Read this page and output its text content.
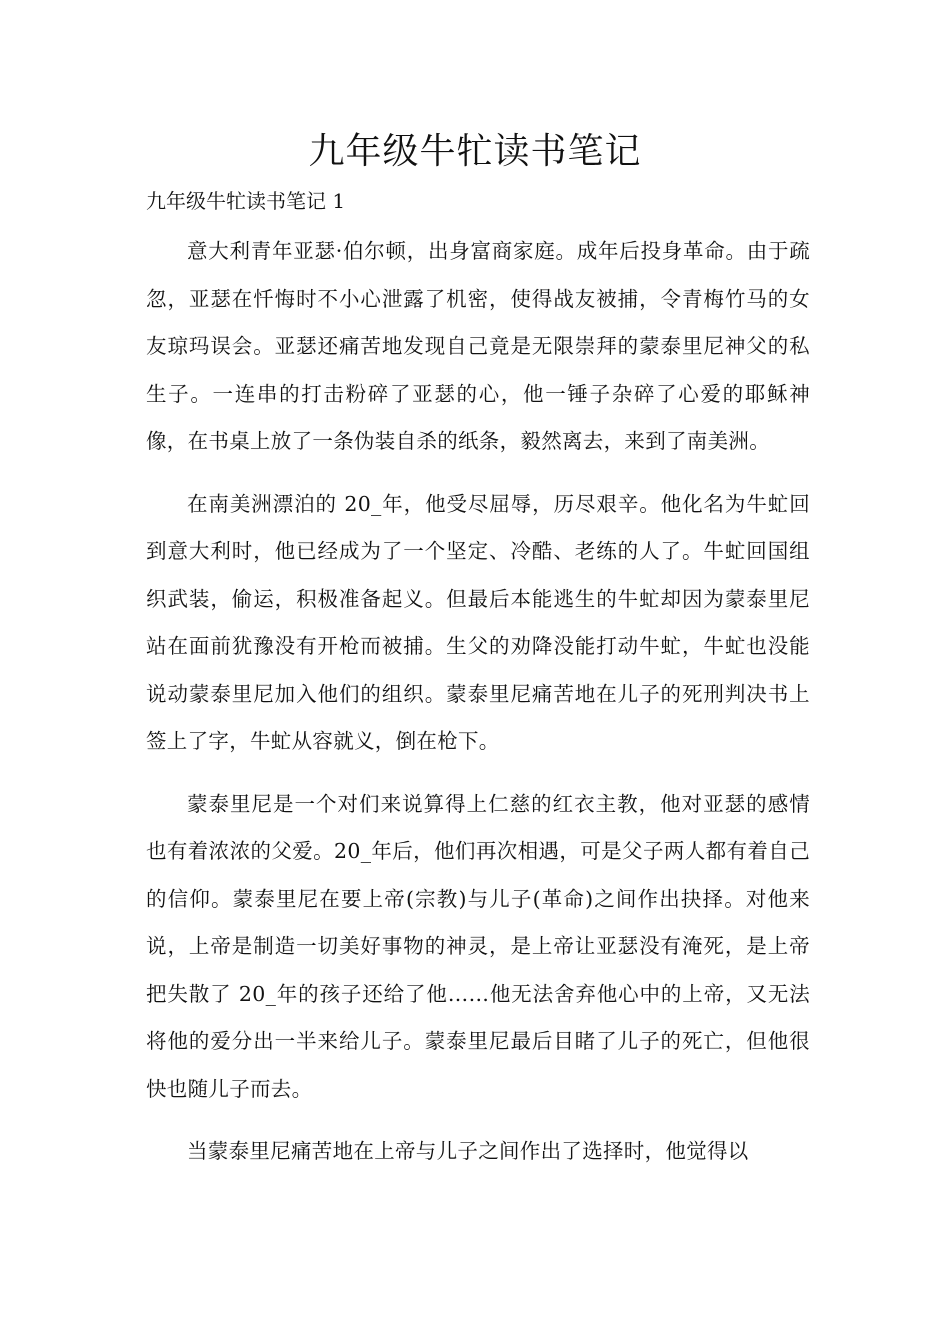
九年级牛牤读书笔记

九年级牛牤读书笔记 1

意大利青年亚瑟·伯尔顿，出身富商家庭。成年后投身革命。由于疏忽，亚瑟在忏悔时不小心泄露了机密，使得战友被捕，令青梅竹马的女友琼玛误会。亚瑟还痛苦地发现自己竟是无限崇拜的蒙泰里尼神父的私生子。一连串的打击粉碎了亚瑟的心，他一锤子杂碎了心爱的耶稣神像，在书桌上放了一条伪装自杀的纸条，毅然离去，来到了南美洲。

在南美洲漂泊的 20_年，他受尽屈辱，历尽艰辛。他化名为牛虻回到意大利时，他已经成为了一个坚定、冷酷、老练的人了。牛虻回国组织武装，偷运，积极准备起义。但最后本能逃生的牛虻却因为蒙泰里尼站在面前犹豫没有开枪而被捕。生父的劝降没能打动牛虻，牛虻也没能说动蒙泰里尼加入他们的组织。蒙泰里尼痛苦地在儿子的死刑判决书上签上了字，牛虻从容就义，倒在枪下。

蒙泰里尼是一个对们来说算得上仁慈的红衣主教，他对亚瑟的感情也有着浓浓的父爱。20_年后，他们再次相遇，可是父子两人都有着自己的信仰。蒙泰里尼在要上帝(宗教)与儿子(革命)之间作出抉择。对他来说，上帝是制造一切美好事物的神灵，是上帝让亚瑟没有淹死，是上帝把失散了 20_年的孩子还给了他……他无法舍弃他心中的上帝，又无法将他的爱分出一半来给儿子。蒙泰里尼最后目睹了儿子的死亡，但他很快也随儿子而去。

当蒙泰里尼痛苦地在上帝与儿子之间作出了选择时，他觉得以
